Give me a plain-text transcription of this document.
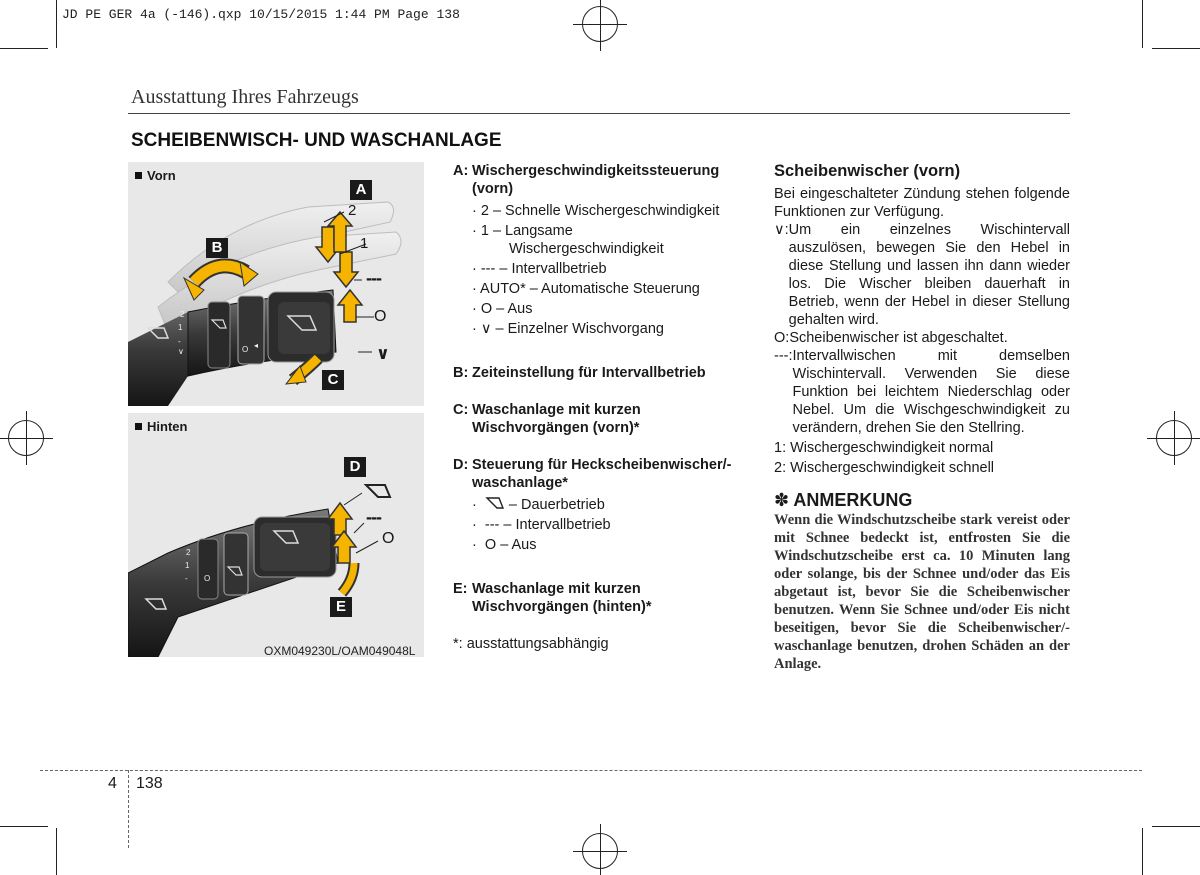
JD PE GER 4a (-146).qxp 10/15/2015 1:44 PM Page 138
Ausstattung Ihres Fahrzeugs
SCHEIBENWISCH- UND WASCHANLAGE
Vorn
2
1
-
∨	O ◂
A
B
C
2
1
---
O
∨
Hinten
2
1
- O
D
E
---
O
OXM049230L/OAM049048L
A: Wischergeschwindigkeitssteuerung (vorn)
· 2 – Schnelle Wischergeschwindigkeit
· 1 – Langsame
Wischergeschwindigkeit
· --- – Intervallbetrieb
· AUTO* – Automatische Steuerung
· O – Aus
· ∨ – Einzelner Wischvorgang
B: Zeiteinstellung für Intervallbetrieb
C: Waschanlage mit kurzen Wischvorgängen (vorn)*
D: Steuerung für Heckscheibenwischer/-waschanlage*
·  – Dauerbetrieb
·  --- – Intervallbetrieb
·  O – Aus
E: Waschanlage mit kurzen Wischvorgängen (hinten)*
*: ausstattungsabhängig
Scheibenwischer (vorn)

Bei eingeschalteter Zündung stehen folgende Funktionen zur Verfügung.

∨: Um ein einzelnes Wischintervall auszulösen, bewegen Sie den Hebel in diese Stellung und lassen ihn dann wieder los. Die Wischer bleiben dauerhaft in Betrieb, wenn der Hebel in dieser Stellung gehalten wird.
O: Scheibenwischer ist abgeschaltet.
---: Intervallwischen mit demselben Wischintervall. Verwenden Sie diese Funktion bei leichtem Niederschlag oder Nebel. Um die Wischgeschwindigkeit zu verändern, drehen Sie den Stellring.
1: Wischergeschwindigkeit normal
2: Wischergeschwindigkeit schnell
✽ ANMERKUNG
Wenn die Windschutzscheibe stark vereist oder mit Schnee bedeckt ist, entfrosten Sie die Windschutzscheibe erst ca. 10 Minuten lang oder solange, bis der Schnee und/oder das Eis abgetaut ist, bevor Sie die Scheibenwischer benutzen. Wenn Sie Schnee und/oder Eis nicht beseitigen, bevor Sie die Scheibenwischer/-waschanlage benutzen, drohen Schäden an der Anlage.
4 138
